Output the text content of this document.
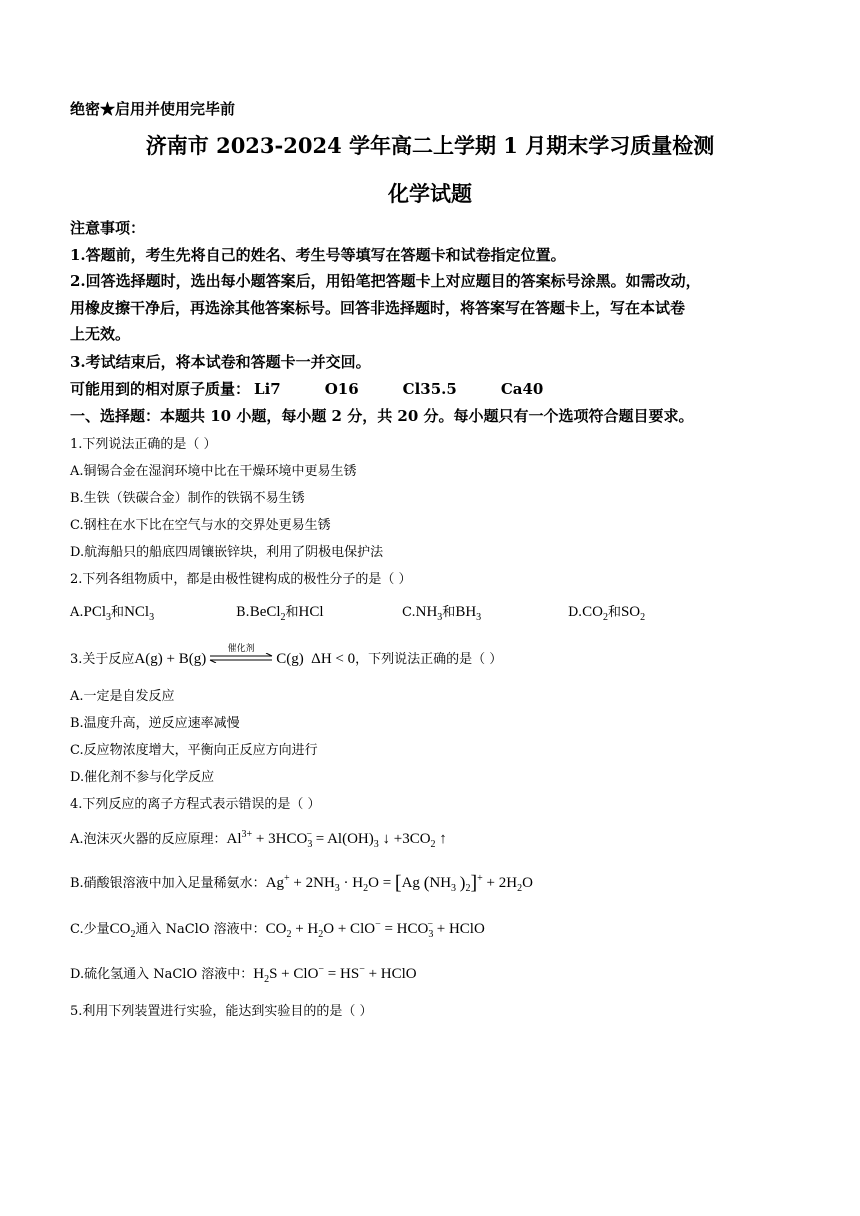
绝密★启用并使用完毕前
济南市 2023-2024 学年高二上学期 1 月期末学习质量检测
化学试题
注意事项：
1.答题前，考生先将自己的姓名、考生号等填写在答题卡和试卷指定位置。
2.回答选择题时，选出每小题答案后，用铅笔把答题卡上对应题目的答案标号涂黑。如需改动，
用橡皮擦干净后，再选涂其他答案标号。回答非选择题时，将答案写在答题卡上，写在本试卷
上无效。
3.考试结束后，将本试卷和答题卡一并交回。
可能用到的相对原子质量： Li7	O16	Cl35.5	Ca40
一、选择题：本题共 10 小题，每小题 2 分，共 20 分。每小题只有一个选项符合题目要求。
1.下列说法正确的是（ ）
A.铜锡合金在湿润环境中比在干燥环境中更易生锈
B.生铁（铁碳合金）制作的铁锅不易生锈
C.钢柱在水下比在空气与水的交界处更易生锈
D.航海船只的船底四周镶嵌锌块，利用了阴极电保护法
2.下列各组物质中，都是由极性键构成的极性分子的是（ ）
A.PCl$_3$和NCl$_3$	B.BeCl$_2$和HCl	$C.NH_3$和$BH_3$	$D.CO_2$和$SO_2$
3.关于反应A(g) + B(g)
催化剂
C(g)  ΔH < 0，下列说法正确的是（ ）
A.一定是自发反应
B.温度升高，逆反应速率减慢
C.反应物浓度增大，平衡向正反应方向进行
D.催化剂不参与化学反应
4.下列反应的离子方程式表示错误的是（ ）
A.泡沫灭火器的反应原理：$Al^{3+} + 3HCO_3^- = Al(OH)_3$ ↓ $+3CO_2$ ↑
B.硝酸银溶液中加入足量稀氨水：$Ag^+ + 2NH_3 \cdot H_2O = [Ag$ ($NH_3$ )$_2]^+ + 2H_2O$
C.少量$CO_2$通入 NaClO 溶液中：$CO_2 + H_2O + ClO^- = HCO_3^-$ + HClO
D.硫化氢通入 NaClO 溶液中：$H_2S + ClO^- = HS^-$ + HClO
5.利用下列装置进行实验，能达到实验目的的是（ ）
